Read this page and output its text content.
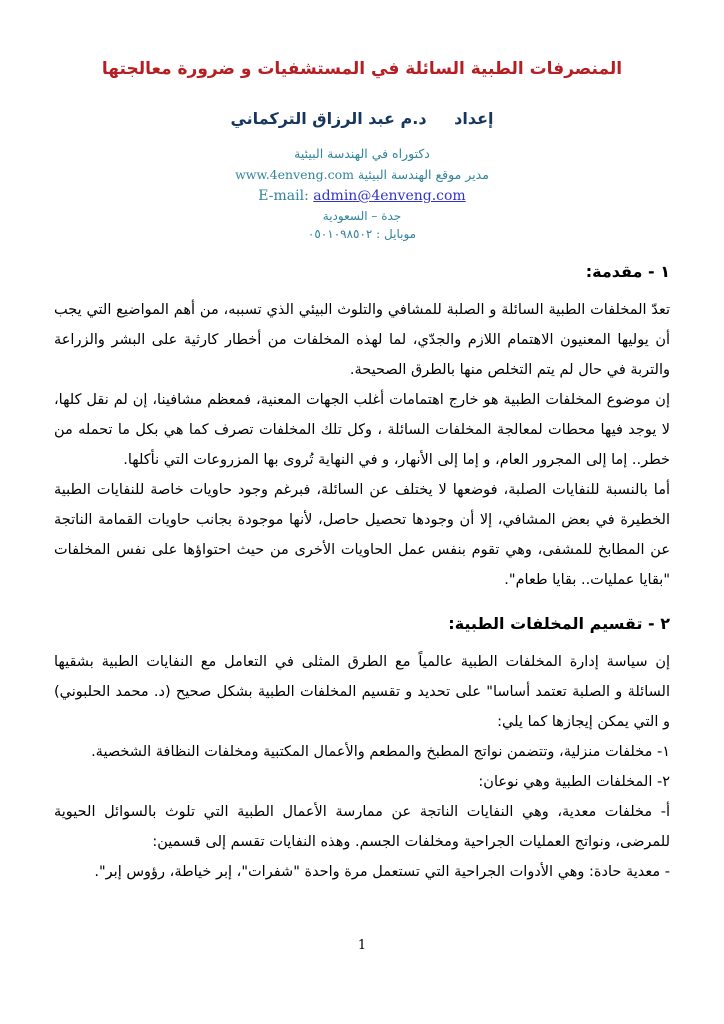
المنصرفات الطبية السائلة في المستشفيات و ضرورة معالجتها
إعداد د.م عبد الرزاق التركماني
دكتوراه في الهندسة البيئية
مدير موقع الهندسة البيئية www.4enveng.com
E-mail: admin@4enveng.com
جدة – السعودية
موبايل : ٠٥٠١٠٩٨٥٠٢
١ - مقدمة:

تعدّ المخلفات الطبية السائلة و الصلبة للمشافي والتلوث البيئي الذي تسببه، من أهم المواضيع التي يجب أن يوليها المعنيون الاهتمام اللازم والجدّي، لما لهذه المخلفات من أخطار كارثية على البشر والزراعة والتربة في حال لم يتم التخلص منها بالطرق الصحيحة.

إن موضوع المخلفات الطبية هو خارج اهتمامات أغلب الجهات المعنية، فمعظم مشافينا، إن لم نقل كلها، لا يوجد فيها محطات لمعالجة المخلفات السائلة ، وكل تلك المخلفات تصرف كما هي بكل ما تحمله من خطر.. إما إلى المجرور العام، و إما إلى الأنهار، و في النهاية تُروى بها المزروعات التي نأكلها.

أما بالنسبة للنفايات الصلبة، فوضعها لا يختلف عن السائلة، فبرغم وجود حاويات خاصة للنفايات الطبية الخطيرة في بعض المشافي، إلا أن وجودها تحصيل حاصل، لأنها موجودة بجانب حاويات القمامة الناتجة عن المطابخ للمشفى، وهي تقوم بنفس عمل الحاويات الأخرى من حيث احتواؤها على نفس المخلفات "بقايا عمليات.. بقايا طعام".

٢ - تقسيم المخلفات الطبية:

إن سياسة إدارة المخلفات الطبية عالمياً مع الطرق المثلى في التعامل مع النفايات الطبية بشقيها السائلة و الصلبة تعتمد أساسا" على تحديد و تقسيم المخلفات الطبية بشكل صحيح (د. محمد الحلبوني) و التي يمكن إيجازها كما يلي:

١- مخلفات منزلية، وتتضمن نواتج المطبخ والمطعم والأعمال المكتبية ومخلفات النظافة الشخصية.

٢- المخلفات الطبية وهي نوعان:

أ- مخلفات معدية، وهي النفايات الناتجة عن ممارسة الأعمال الطبية التي تلوث بالسوائل الحيوية للمرضى، ونواتج العمليات الجراحية ومخلفات الجسم. وهذه النفايات تقسم إلى قسمين:

- معدية حادة: وهي الأدوات الجراحية التي تستعمل مرة واحدة "شفرات"، إبر خياطة، رؤوس إبر".

1
